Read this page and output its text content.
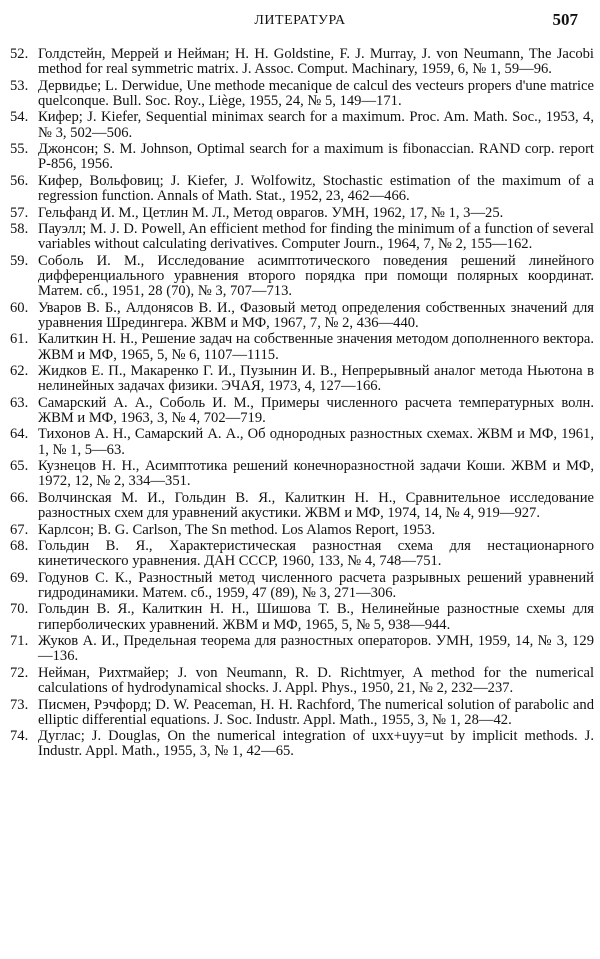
ЛИТЕРАТУРА	507
52. Голдстейн, Меррей и Нейман; H. H. Goldstine, F. J. Murray, J. von Neumann, The Jacobi method for real symmetric matrix. J. Assoc. Comput. Machinary, 1959, 6, № 1, 59—96.
53. Дервидье; L. Derwidue, Une methode mecanique de calcul des vecteurs propers d'une matrice quelconque. Bull. Soc. Roy., Liège, 1955, 24, № 5, 149—171.
54. Кифер; J. Kiefer, Sequential minimax search for a maximum. Proc. Am. Math. Soc., 1953, 4, № 3, 502—506.
55. Джонсон; S. M. Johnson, Optimal search for a maximum is fibonaccian. RAND corp. report P-856, 1956.
56. Кифер, Вольфовиц; J. Kiefer, J. Wolfowitz, Stochastic estimation of the maximum of a regression function. Annals of Math. Stat., 1952, 23, 462—466.
57. Гельфанд И. М., Цетлин М. Л., Метод оврагов. УМН, 1962, 17, № 1, 3—25.
58. Пауэлл; M. J. D. Powell, An efficient method for finding the minimum of a function of several variables without calculating derivatives. Computer Journ., 1964, 7, № 2, 155—162.
59. Соболь И. М., Исследование асимптотического поведения решений линейного дифференциального уравнения второго порядка при помощи полярных координат. Матем. сб., 1951, 28 (70), № 3, 707—713.
60. Уваров В. Б., Алдонясов В. И., Фазовый метод определения собственных значений для уравнения Шредингера. ЖВМ и МФ, 1967, 7, № 2, 436—440.
61. Калиткин Н. Н., Решение задач на собственные значения методом дополненного вектора. ЖВМ и МФ, 1965, 5, № 6, 1107—1115.
62. Жидков Е. П., Макаренко Г. И., Пузынин И. В., Непрерывный аналог метода Ньютона в нелинейных задачах физики. ЭЧАЯ, 1973, 4, 127—166.
63. Самарский А. А., Соболь И. М., Примеры численного расчета температурных волн. ЖВМ и МФ, 1963, 3, № 4, 702—719.
64. Тихонов А. Н., Самарский А. А., Об однородных разностных схемах. ЖВМ и МФ, 1961, 1, № 1, 5—63.
65. Кузнецов Н. Н., Асимптотика решений конечноразностной задачи Коши. ЖВМ и МФ, 1972, 12, № 2, 334—351.
66. Волчинская М. И., Гольдин В. Я., Калиткин Н. Н., Сравнительное исследование разностных схем для уравнений акустики. ЖВМ и МФ, 1974, 14, № 4, 919—927.
67. Карлсон; B. G. Carlson, The Sn method. Los Alamos Report, 1953.
68. Гольдин В. Я., Характеристическая разностная схема для нестационарного кинетического уравнения. ДАН СССР, 1960, 133, № 4, 748—751.
69. Годунов С. К., Разностный метод численного расчета разрывных решений уравнений гидродинамики. Матем. сб., 1959, 47 (89), № 3, 271—306.
70. Гольдин В. Я., Калиткин Н. Н., Шишова Т. В., Нелинейные разностные схемы для гиперболических уравнений. ЖВМ и МФ, 1965, 5, № 5, 938—944.
71. Жуков А. И., Предельная теорема для разностных операторов. УМН, 1959, 14, № 3, 129—136.
72. Нейман, Рихтмайер; J. von Neumann, R. D. Richtmyer, A method for the numerical calculations of hydrodynamical shocks. J. Appl. Phys., 1950, 21, № 2, 232—237.
73. Писмен, Рэчфорд; D. W. Peaceman, H. H. Rachford, The numerical solution of parabolic and elliptic differential equations. J. Soc. Industr. Appl. Math., 1955, 3, № 1, 28—42.
74. Дуглас; J. Douglas, On the numerical integration of uxx+uyy=ut by implicit methods. J. Industr. Appl. Math., 1955, 3, № 1, 42—65.
